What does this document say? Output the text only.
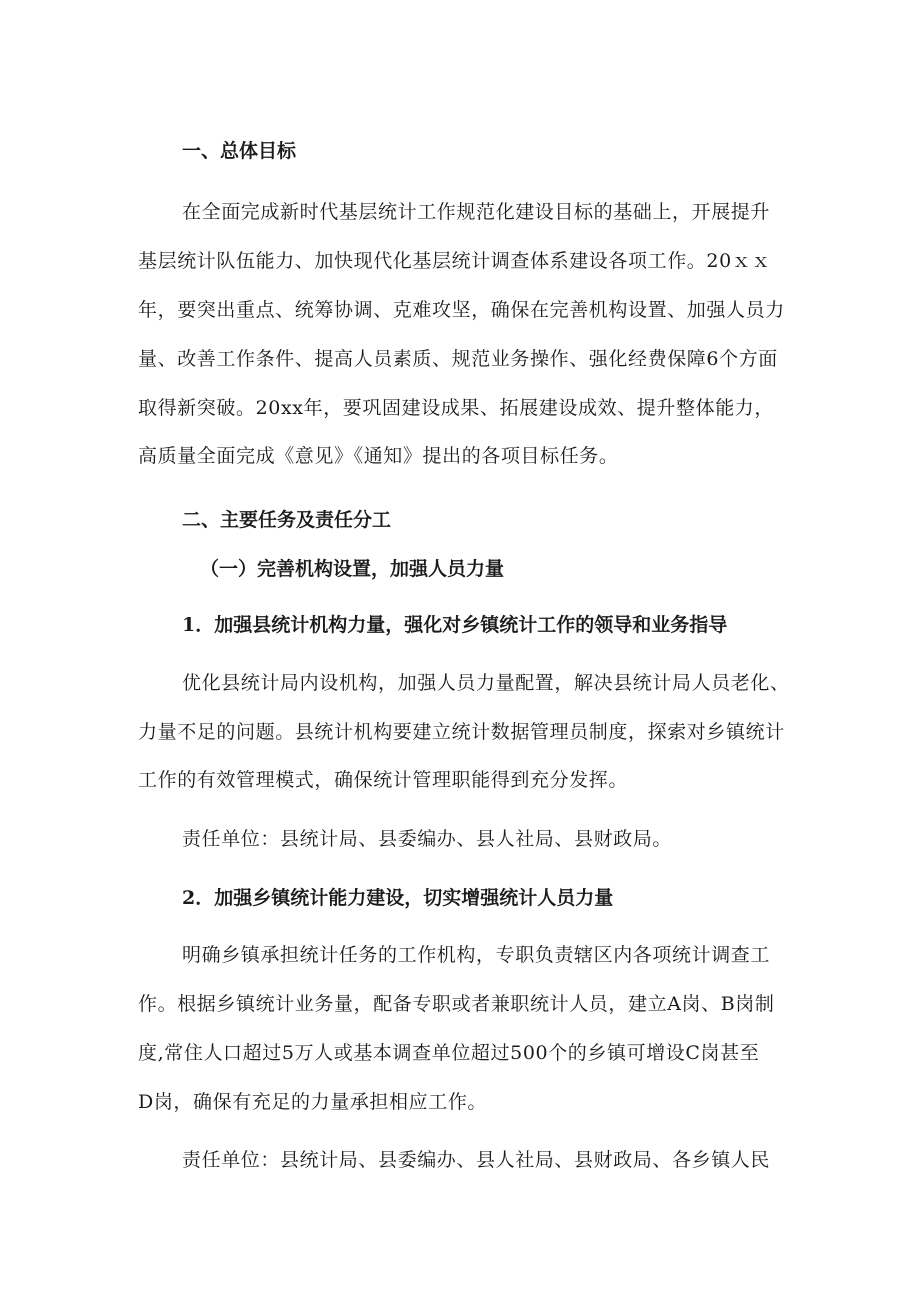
一、总体目标
在全面完成新时代基层统计工作规范化建设目标的基础上，开展提升
基层统计队伍能力、加快现代化基层统计调查体系建设各项工作。20ｘｘ
年，要突出重点、统筹协调、克难攻坚，确保在完善机构设置、加强人员力
量、改善工作条件、提高人员素质、规范业务操作、强化经费保障6个方面
取得新突破。20xx年，要巩固建设成果、拓展建设成效、提升整体能力，
高质量全面完成《意见》《通知》提出的各项目标任务。
二、主要任务及责任分工
（一）完善机构设置，加强人员力量
1．加强县统计机构力量，强化对乡镇统计工作的领导和业务指导
优化县统计局内设机构，加强人员力量配置，解决县统计局人员老化、
力量不足的问题。县统计机构要建立统计数据管理员制度，探索对乡镇统计
工作的有效管理模式，确保统计管理职能得到充分发挥。
责任单位：县统计局、县委编办、县人社局、县财政局。
2．加强乡镇统计能力建设，切实增强统计人员力量
明确乡镇承担统计任务的工作机构，专职负责辖区内各项统计调查工
作。根据乡镇统计业务量，配备专职或者兼职统计人员，建立A岗、B岗制
度,常住人口超过5万人或基本调查单位超过500个的乡镇可增设C岗甚至
D岗，确保有充足的力量承担相应工作。
责任单位：县统计局、县委编办、县人社局、县财政局、各乡镇人民
